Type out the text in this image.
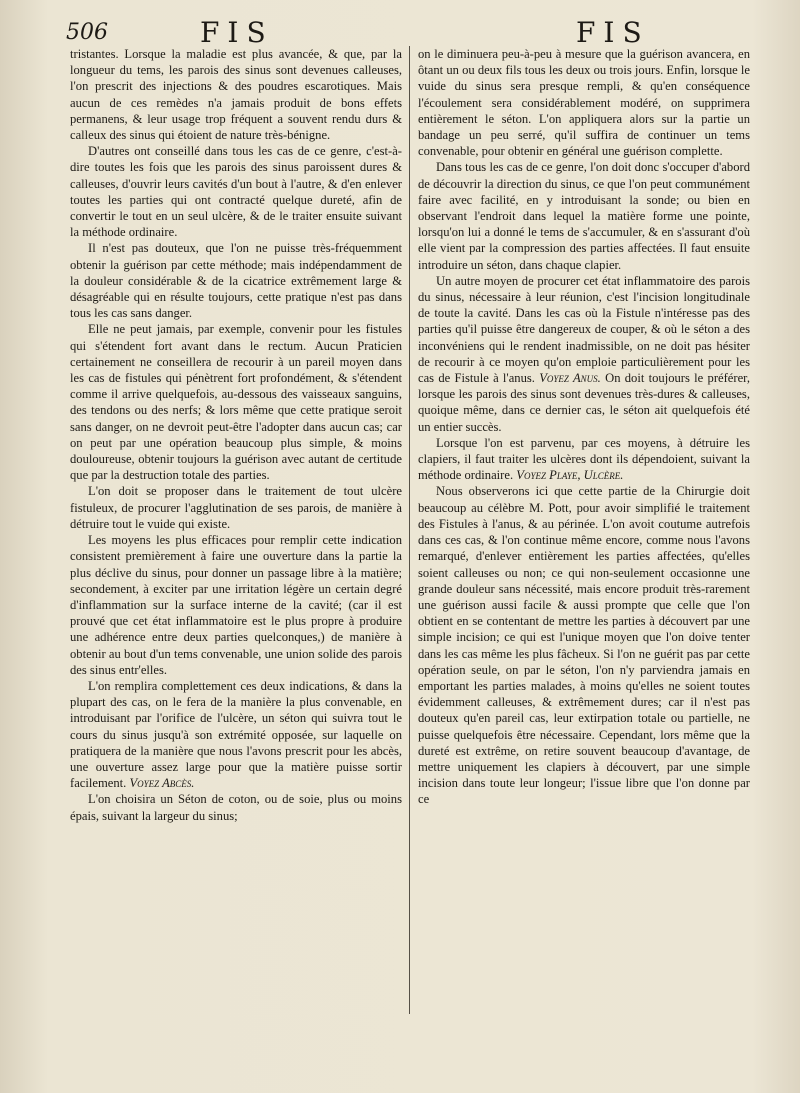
506	FIS	FIS

tristantes. Lorsque la maladie est plus avancée, & que, par la longueur du tems, les parois des sinus sont devenues calleuses, l'on prescrit des injections & des poudres escarotiques. Mais aucun de ces remèdes n'a jamais produit de bons effets permanens, & leur usage trop fréquent a souvent rendu durs & calleux des sinus qui étoient de nature très-bénigne.

D'autres ont conseillé dans tous les cas de ce genre, c'est-à-dire toutes les fois que les parois des sinus paroissent dures & calleuses, d'ouvrir leurs cavités d'un bout à l'autre, & d'en enlever toutes les parties qui ont contracté quelque dureté, afin de convertir le tout en un seul ulcère, & de le traiter ensuite suivant la méthode ordinaire.

Il n'est pas douteux, que l'on ne puisse très-fréquemment obtenir la guérison par cette méthode; mais indépendamment de la douleur considérable & de la cicatrice extrêmement large & désagréable qui en résulte toujours, cette pratique n'est pas dans tous les cas sans danger.

Elle ne peut jamais, par exemple, convenir pour les fistules qui s'étendent fort avant dans le rectum. Aucun Praticien certainement ne conseillera de recourir à un pareil moyen dans les cas de fistules qui pénètrent fort profondément, & s'étendent comme il arrive quelquefois, au-dessous des vaisseaux sanguins, des tendons ou des nerfs; & lors même que cette pratique seroit sans danger, on ne devroit peut-être l'adopter dans aucun cas; car on peut par une opération beaucoup plus simple, & moins douloureuse, obtenir toujours la guérison avec autant de certitude que par la destruction totale des parties.

L'on doit se proposer dans le traitement de tout ulcère fistuleux, de procurer l'agglutination de ses parois, de manière à détruire tout le vuide qui existe.

Les moyens les plus efficaces pour remplir cette indication consistent premièrement à faire une ouverture dans la partie la plus déclive du sinus, pour donner un passage libre à la matière; secondement, à exciter par une irritation légère un certain degré d'inflammation sur la surface interne de la cavité; (car il est prouvé que cet état inflammatoire est le plus propre à produire une adhérence entre deux parties quelconques,) de manière à obtenir au bout d'un tems convenable, une union solide des parois des sinus entr'elles.

L'on remplira complettement ces deux indications, & dans la plupart des cas, on le fera de la manière la plus convenable, en introduisant par l'orifice de l'ulcère, un séton qui suivra tout le cours du sinus jusqu'à son extrémité opposée, sur laquelle on pratiquera de la manière que nous l'avons prescrit pour les abcès, une ouverture assez large pour que la matière puisse sortir facilement. Voyez Abcès.

L'on choisira un Séton de coton, ou de soie, plus ou moins épais, suivant la largeur du sinus;

on le diminuera peu-à-peu à mesure que la guérison avancera, en ôtant un ou deux fils tous les deux ou trois jours. Enfin, lorsque le vuide du sinus sera presque rempli, & qu'en conséquence l'écoulement sera considérablement modéré, on supprimera entièrement le séton. L'on appliquera alors sur la partie un bandage un peu serré, qu'il suffira de continuer un tems convenable, pour obtenir en général une guérison complette.

Dans tous les cas de ce genre, l'on doit donc s'occuper d'abord de découvrir la direction du sinus, ce que l'on peut communément faire avec facilité, en y introduisant la sonde; ou bien en observant l'endroit dans lequel la matière forme une pointe, lorsqu'on lui a donné le tems de s'accumuler, & en s'assurant d'où elle vient par la compression des parties affectées. Il faut ensuite introduire un séton, dans chaque clapier.

Un autre moyen de procurer cet état inflammatoire des parois du sinus, nécessaire à leur réunion, c'est l'incision longitudinale de toute la cavité. Dans les cas où la Fistule n'intéresse pas des parties qu'il puisse être dangereux de couper, & où le séton a des inconvéniens qui le rendent inadmissible, on ne doit pas hésiter de recourir à ce moyen qu'on emploie particulièrement pour les cas de Fistule à l'anus. Voyez Anus. On doit toujours le préférer, lorsque les parois des sinus sont devenues très-dures & calleuses, quoique même, dans ce dernier cas, le séton ait quelquefois été un entier succès.

Lorsque l'on est parvenu, par ces moyens, à détruire les clapiers, il faut traiter les ulcères dont ils dépendoient, suivant la méthode ordinaire. Voyez Playe, Ulcère.

Nous observerons ici que cette partie de la Chirurgie doit beaucoup au célèbre M. Pott, pour avoir simplifié le traitement des Fistules à l'anus, & au périnée. L'on avoit coutume autrefois dans ces cas, & l'on continue même encore, comme nous l'avons remarqué, d'enlever entièrement les parties affectées, qu'elles soient calleuses ou non; ce qui non-seulement occasionne une grande douleur sans nécessité, mais encore produit très-rarement une guérison aussi facile & aussi prompte que celle que l'on obtient en se contentant de mettre les parties à découvert par une simple incision; ce qui est l'unique moyen que l'on doive tenter dans les cas même les plus fâcheux. Si l'on ne guérit pas par cette opération seule, on par le séton, l'on n'y parviendra jamais en emportant les parties malades, à moins qu'elles ne soient toutes évidemment calleuses, & extrêmement dures; car il n'est pas douteux qu'en pareil cas, leur extirpation totale ou partielle, ne puisse quelquefois être nécessaire. Cependant, lors même que la dureté est extrême, on retire souvent beaucoup d'avantage, de mettre uniquement les clapiers à découvert, par une simple incision dans toute leur longeur; l'issue libre que l'on donne par ce
